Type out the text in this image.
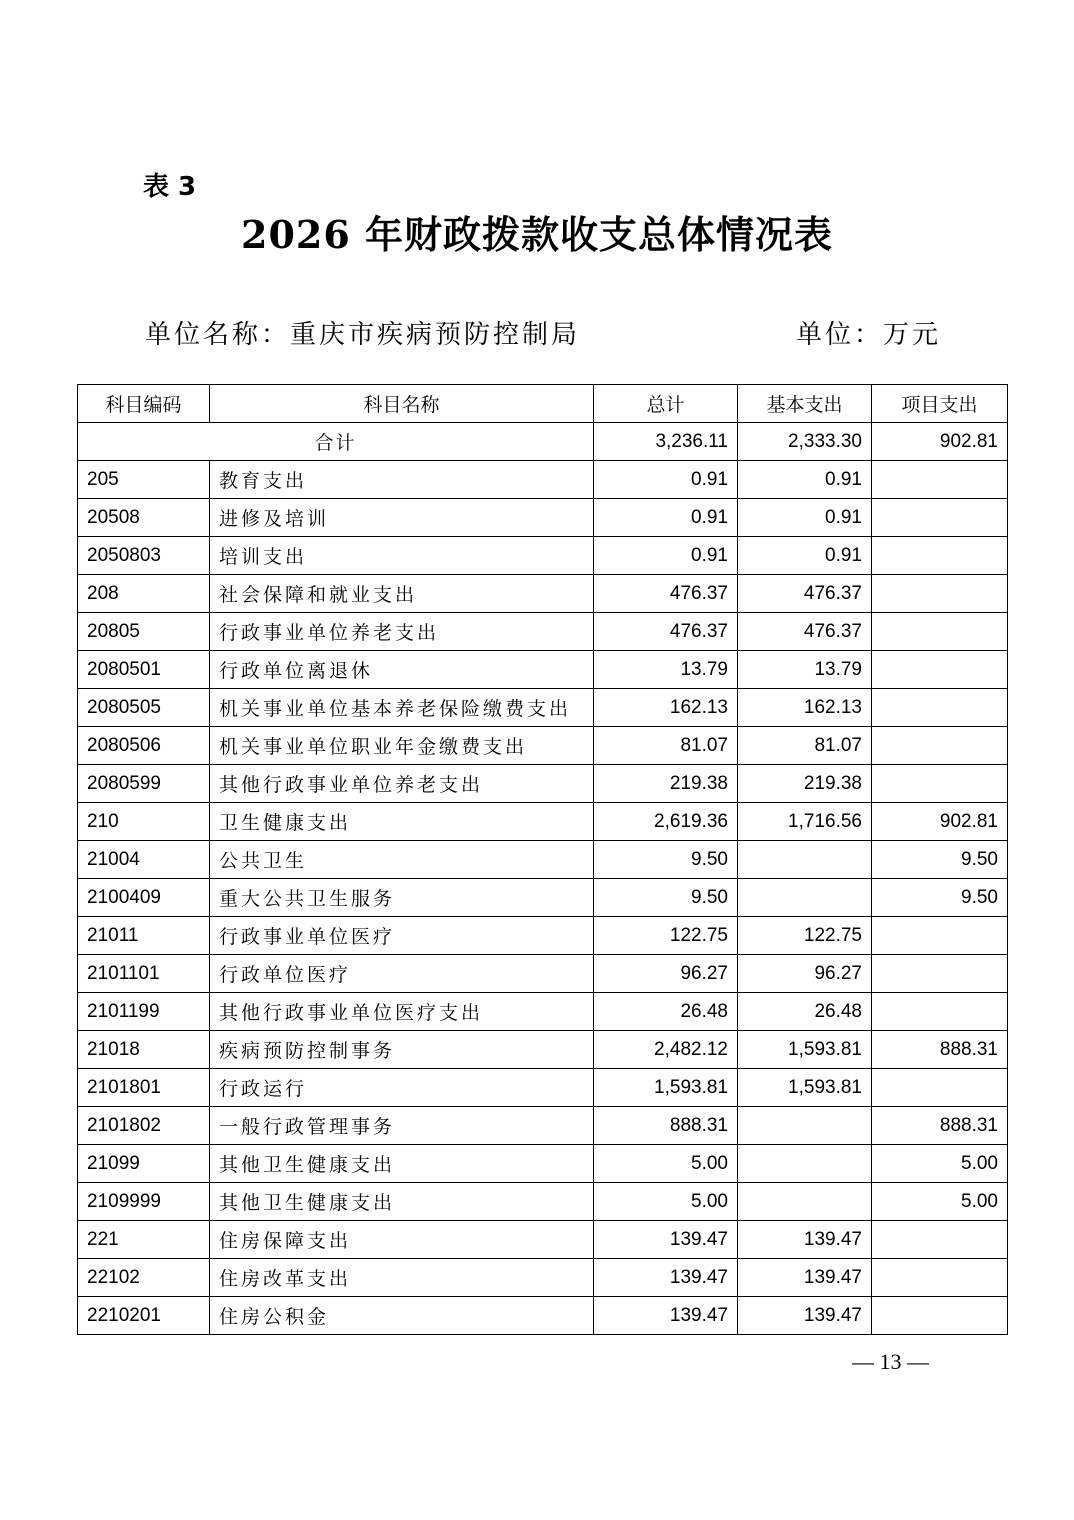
表 3
2026 年财政拨款收支总体情况表
单位名称：重庆市疾病预防控制局	单位：万元
科目编码	科目名称	总计	基本支出	项目支出
合计		3,236.11	2,333.30	902.81
205	教育支出	0.91	0.91	
20508	进修及培训	0.91	0.91	
2050803	培训支出	0.91	0.91	
208	社会保障和就业支出	476.37	476.37	
20805	行政事业单位养老支出	476.37	476.37	
2080501	行政单位离退休	13.79	13.79	
2080505	机关事业单位基本养老保险缴费支出	162.13	162.13	
2080506	机关事业单位职业年金缴费支出	81.07	81.07	
2080599	其他行政事业单位养老支出	219.38	219.38	
210	卫生健康支出	2,619.36	1,716.56	902.81
21004	公共卫生	9.50		9.50
2100409	重大公共卫生服务	9.50		9.50
21011	行政事业单位医疗	122.75	122.75	
2101101	行政单位医疗	96.27	96.27	
2101199	其他行政事业单位医疗支出	26.48	26.48	
21018	疾病预防控制事务	2,482.12	1,593.81	888.31
2101801	行政运行	1,593.81	1,593.81	
2101802	一般行政管理事务	888.31		888.31
21099	其他卫生健康支出	5.00		5.00
2109999	其他卫生健康支出	5.00		5.00
221	住房保障支出	139.47	139.47	
22102	住房改革支出	139.47	139.47	
2210201	住房公积金	139.47	139.47	
— 13 —
